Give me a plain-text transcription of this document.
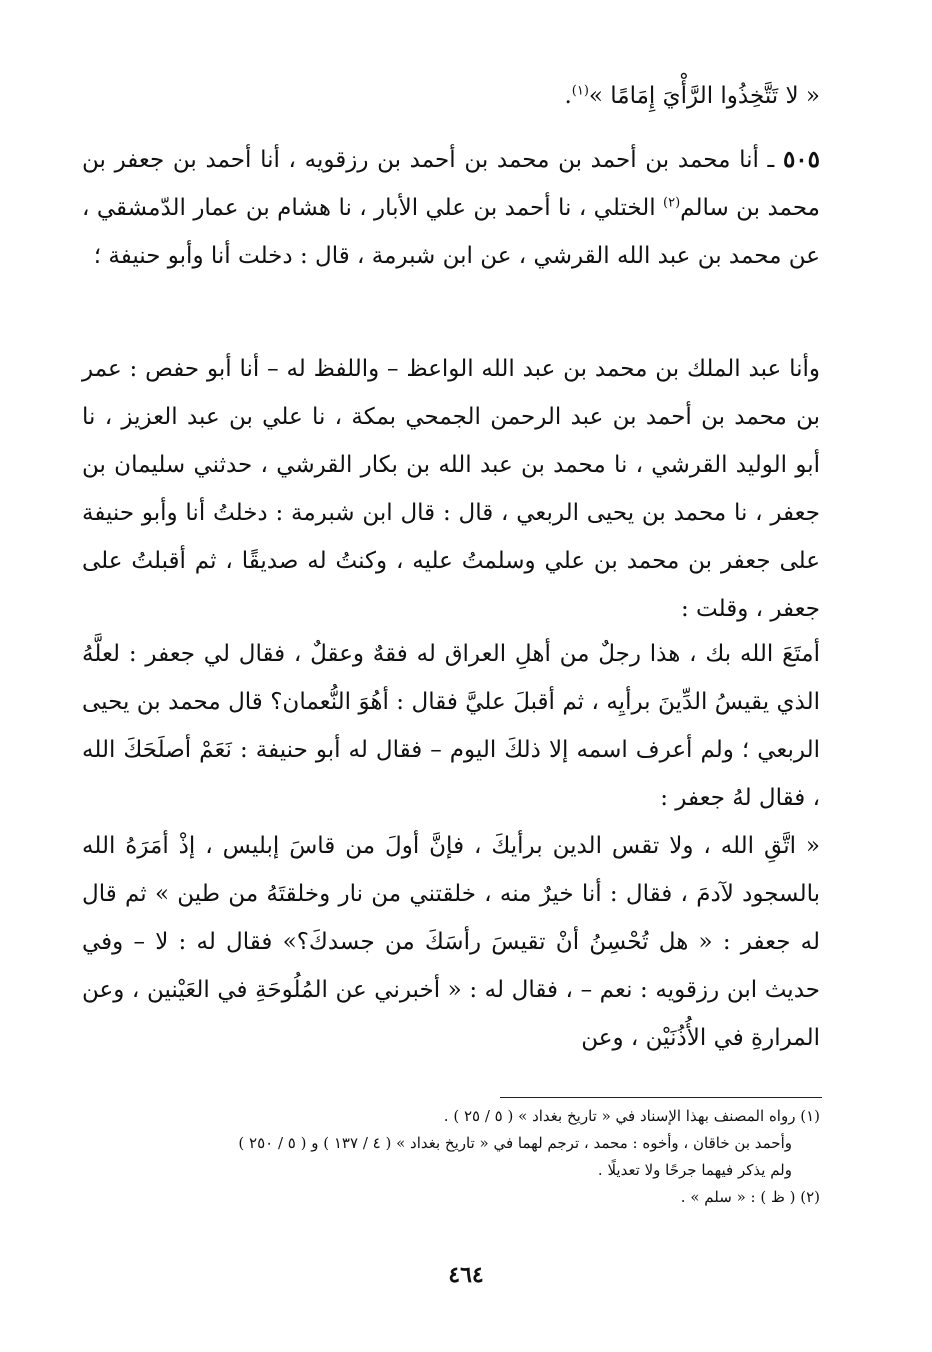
« لا تَتَّخِذُوا الرَّأْيَ إِمَامًا »$^{(١)}$.

٥٠٥ ـ أنا محمد بن أحمد بن محمد بن أحمد بن رزقويه ، أنا أحمد بن جعفر بن محمد بن سالم$^{(٢)}$ الختلي ، نا أحمد بن علي الأبار ، نا هشام بن عمار الدّمشقي ، عن محمد بن عبد الله القرشي ، عن ابن شبرمة ، قال : دخلت أنا وأبو حنيفة ؛

وأنا عبد الملك بن محمد بن عبد الله الواعظ – واللفظ له – أنا أبو حفص : عمر بن محمد بن أحمد بن عبد الرحمن الجمحي بمكة ، نا علي بن عبد العزيز ، نا أبو الوليد القرشي ، نا محمد بن عبد الله بن بكار القرشي ، حدثني سليمان بن جعفر ، نا محمد بن يحيى الربعي ، قال : قال ابن شبرمة : دخلتُ أنا وأبو حنيفة على جعفر بن محمد بن علي وسلمتُ عليه ، وكنتُ له صديقًا ، ثم أقبلتُ على جعفر ، وقلت :

أمتَعَ الله بك ، هذا رجلٌ من أهلِ العراق له فقهٌ وعقلٌ ، فقال لي جعفر : لعلَّهُ الذي يقيسُ الدِّينَ برأيِه ، ثم أقبلَ عليَّ فقال : أهُوَ النُّعمان؟ قال محمد بن يحيى الربعي ؛ ولم أعرف اسمه إلا ذلكَ اليوم – فقال له أبو حنيفة : نَعَمْ أصلَحَكَ الله ، فقال لهُ جعفر :

« اتَّقِ الله ، ولا تقس الدين برأيكَ ، فإنَّ أولَ من قاسَ إبليس ، إذْ أمَرَهُ الله بالسجود لآدمَ ، فقال : أنا خيرٌ منه ، خلقتني من نار وخلقتَهُ من طين » ثم قال له جعفر : « هل تُحْسِنُ أنْ تقيسَ رأسَكَ من جسدكَ؟» فقال له : لا – وفي حديث ابن رزقويه : نعم – ، فقال له : « أخبرني عن المُلُوحَةِ في العَيْنين ، وعن المرارةِ في الأُذُنَيْن ، وعن

(١) رواه المصنف بهذا الإسناد في « تاريخ بغداد » ( ٥ / ٢٥ ) .

وأحمد بن خاقان ، وأخوه : محمد ، ترجم لهما في « تاريخ بغداد » ( ٤ / ١٣٧ ) و ( ٥ / ٢٥٠ )

ولم يذكر فيهما جرحًا ولا تعديلًا .

(٢) ( ظ ) : « سلم » .

٤٦٤
